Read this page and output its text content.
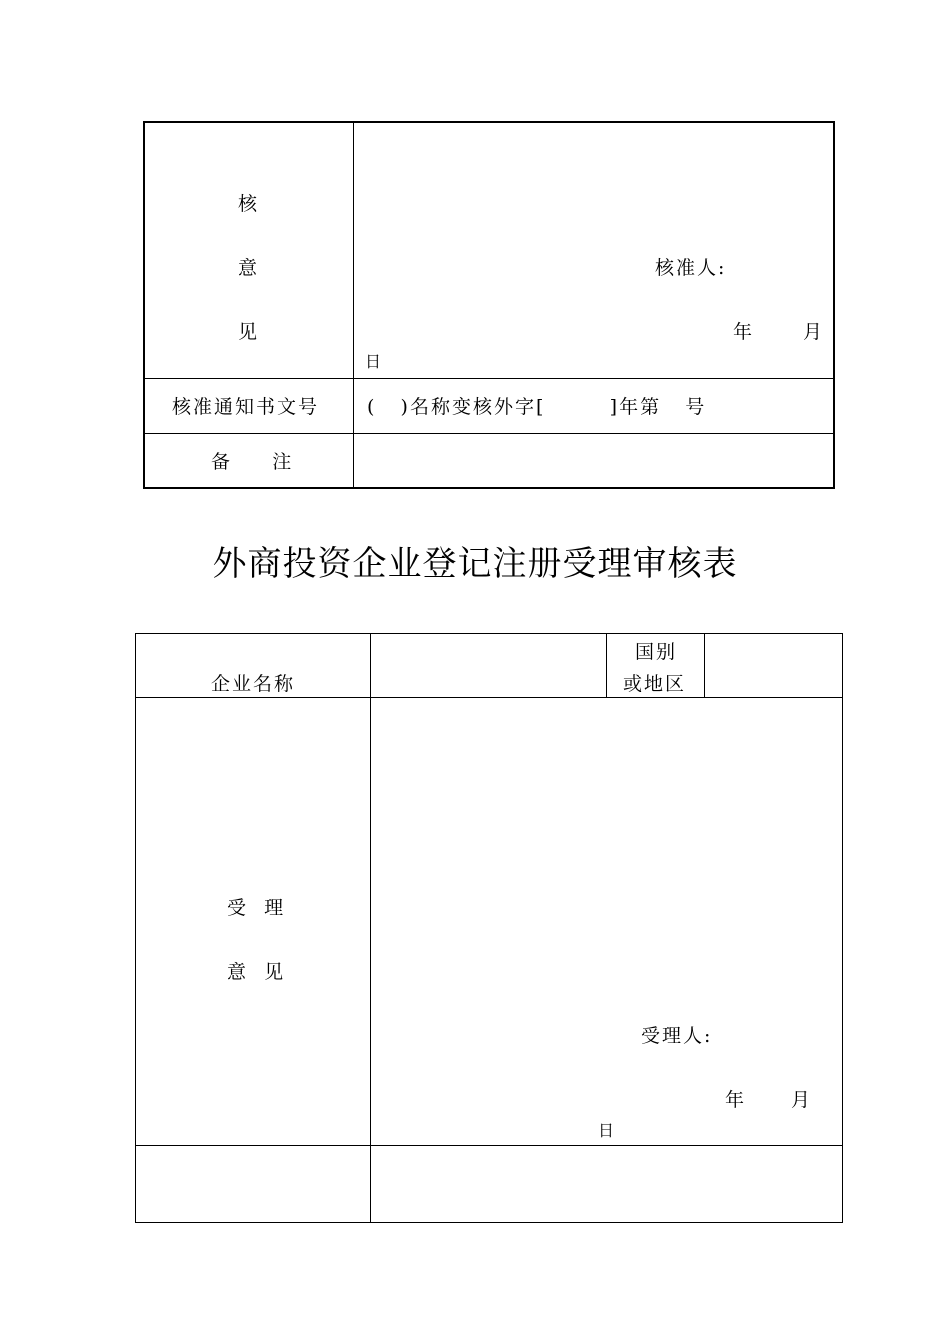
核
意
见
核准人:
年	月
日
核准通知书文号	(   )名称变核外字[        ]年第   号
备     注
外商投资企业登记注册受理审核表
企业名称
国别
或地区
受  理
意  见
受理人:
年 月
日
